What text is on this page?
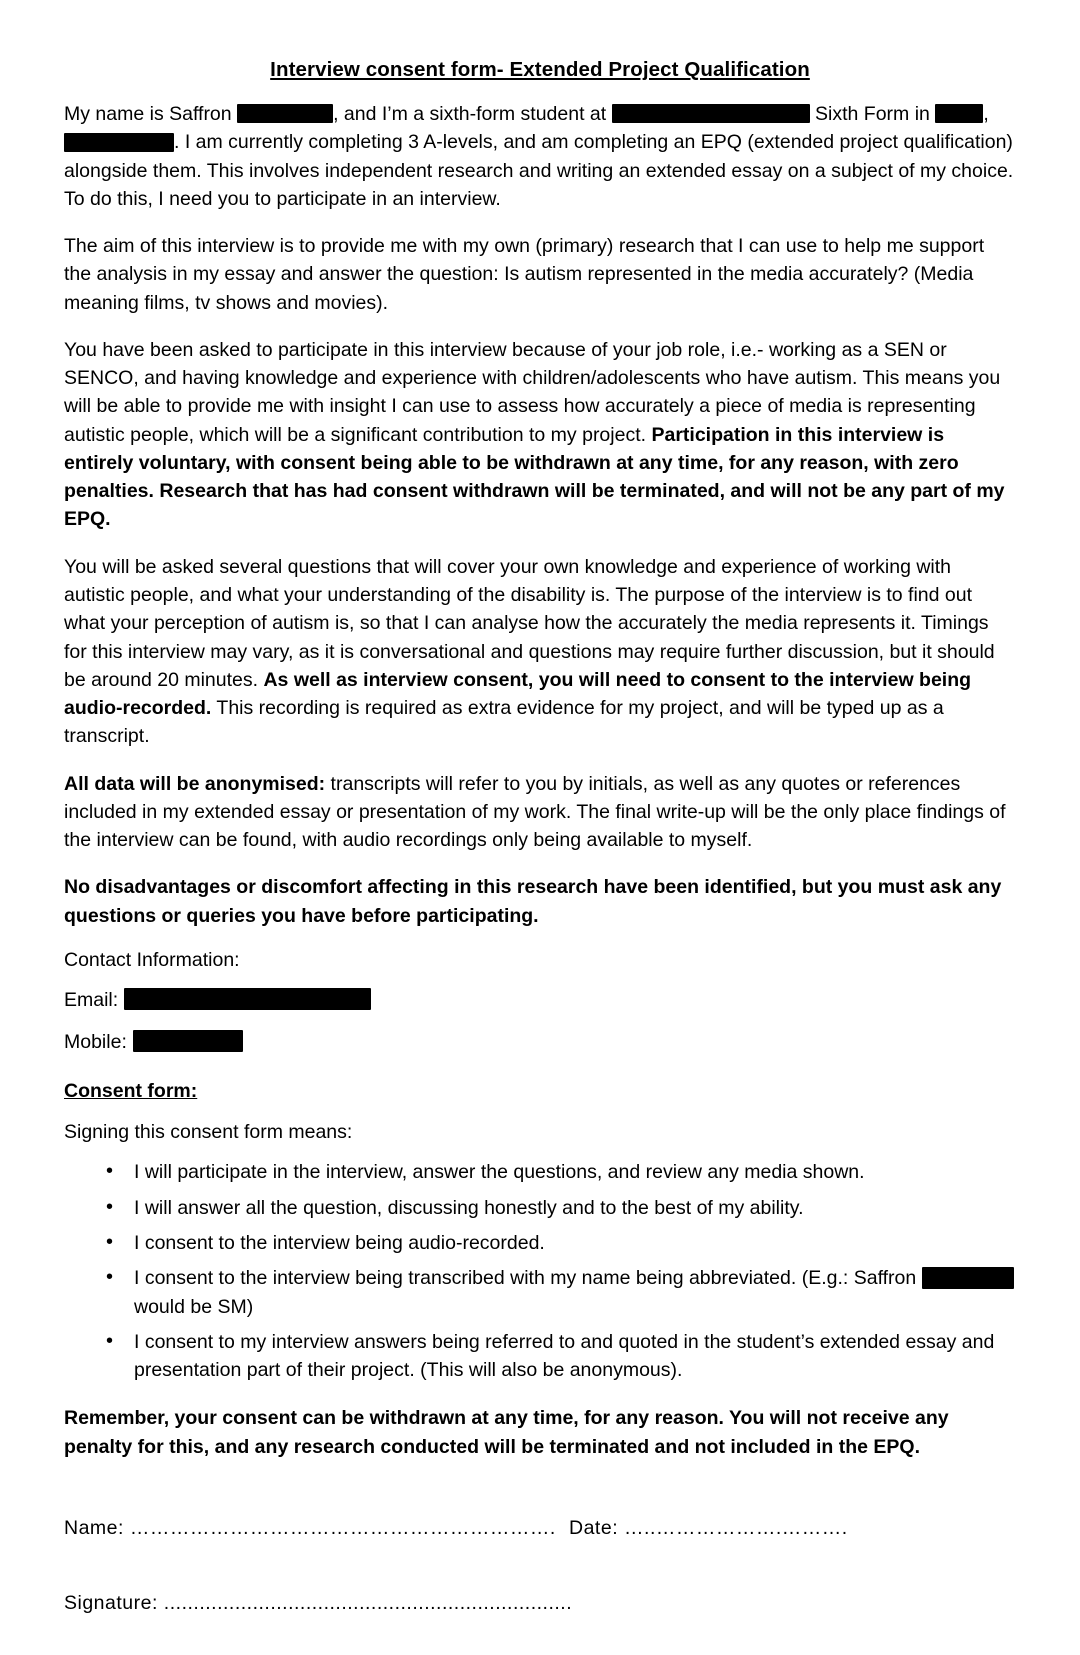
Interview consent form- Extended Project Qualification

My name is Saffron	, and I’m a sixth-form student at	Sixth Form in	, . I am currently completing 3 A-levels, and am completing an EPQ (extended project qualification) alongside them. This involves independent research and writing an extended essay on a subject of my choice. To do this, I need you to participate in an interview.

The aim of this interview is to provide me with my own (primary) research that I can use to help me support the analysis in my essay and answer the question: Is autism represented in the media accurately? (Media meaning films, tv shows and movies).

You have been asked to participate in this interview because of your job role, i.e.- working as a SEN or SENCO, and having knowledge and experience with children/adolescents who have autism. This means you will be able to provide me with insight I can use to assess how accurately a piece of media is representing autistic people, which will be a significant contribution to my project. Participation in this interview is entirely voluntary, with consent being able to be withdrawn at any time, for any reason, with zero penalties. Research that has had consent withdrawn will be terminated, and will not be any part of my EPQ.

You will be asked several questions that will cover your own knowledge and experience of working with autistic people, and what your understanding of the disability is. The purpose of the interview is to find out what your perception of autism is, so that I can analyse how the accurately the media represents it. Timings for this interview may vary, as it is conversational and questions may require further discussion, but it should be around 20 minutes. As well as interview consent, you will need to consent to the interview being audio-recorded. This recording is required as extra evidence for my project, and will be typed up as a transcript.

All data will be anonymised: transcripts will refer to you by initials, as well as any quotes or references included in my extended essay or presentation of my work. The final write-up will be the only place findings of the interview can be found, with audio recordings only being available to myself.

No disadvantages or discomfort affecting in this research have been identified, but you must ask any questions or queries you have before participating.

Contact Information:

Email:
Mobile:

Consent form:

Signing this consent form means:

• I will participate in the interview, answer the questions, and review any media shown.
• I will answer all the question, discussing honestly and to the best of my ability.
• I consent to the interview being audio-recorded.
• I consent to the interview being transcribed with my name being abbreviated. (E.g.: Saffron  would be SM)
• I consent to my interview answers being referred to and quoted in the student’s extended essay and presentation part of their project. (This will also be anonymous).

Remember, your consent can be withdrawn at any time, for any reason. You will not receive any penalty for this, and any research conducted will be terminated and not included in the EPQ.

Name: ………………………………………………………. Date: …..……………….……….
Signature: .....................................................................
